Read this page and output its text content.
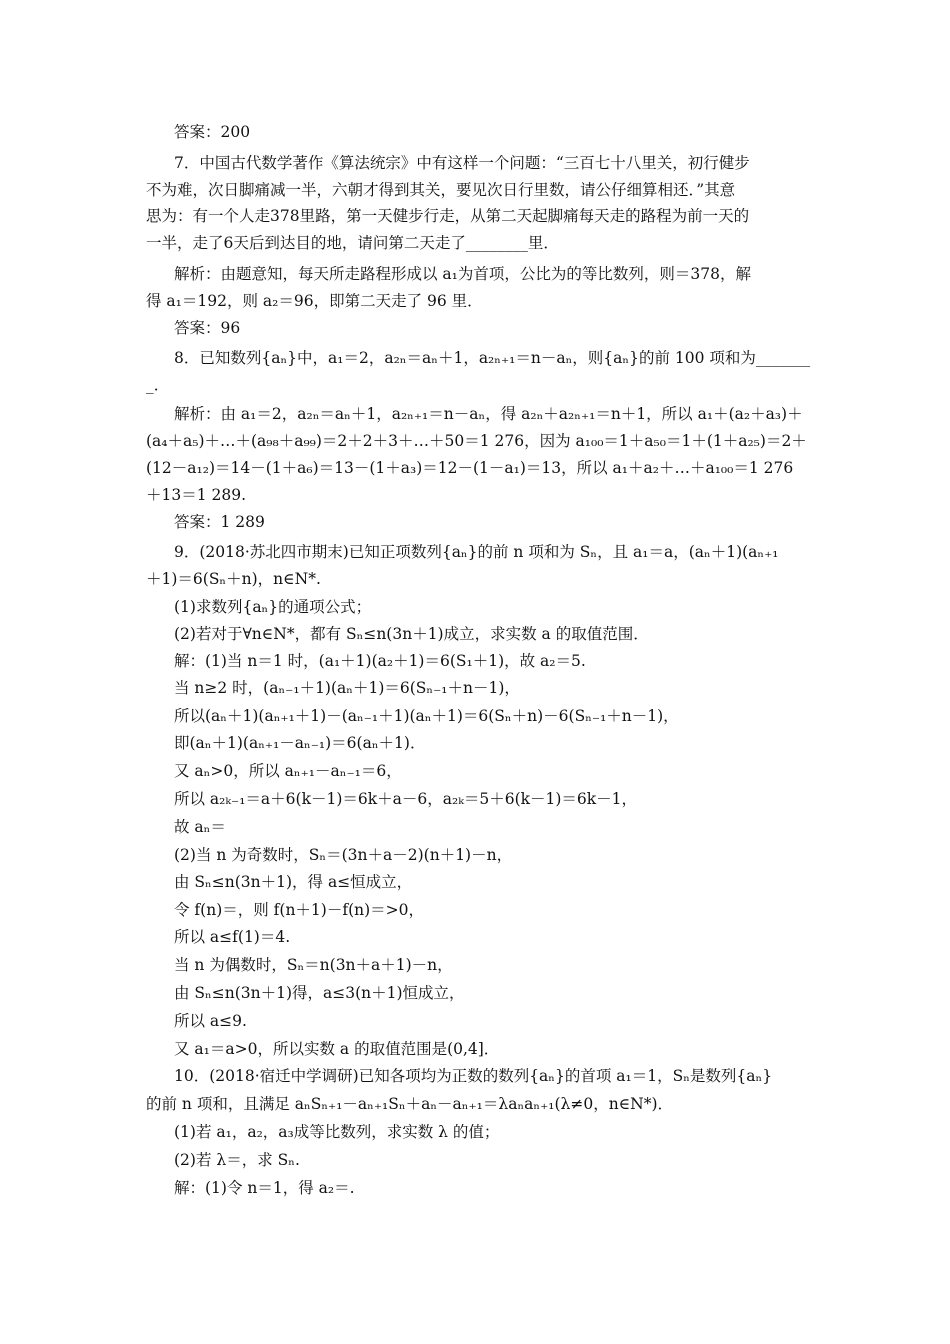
答案：200
7．中国古代数学著作《算法统宗》中有这样一个问题：“三百七十八里关，初行健步
不为难，次日脚痛减一半，六朝才得到其关，要见次日行里数，请公仔细算相还．”其意
思为：有一个人走378里路，第一天健步行走，从第二天起脚痛每天走的路程为前一天的
一半，走了6天后到达目的地，请问第二天走了________里．
解析：由题意知，每天所走路程形成以 a₁为首项，公比为的等比数列，则＝378，解
得 a₁＝192，则 a₂＝96，即第二天走了 96 里．
答案：96
8．已知数列{aₙ}中，a₁＝2，a₂ₙ＝aₙ＋1，a₂ₙ₊₁＝n－aₙ，则{aₙ}的前 100 项和为_______
_．
解析：由 a₁＝2，a₂ₙ＝aₙ＋1，a₂ₙ₊₁＝n－aₙ，得 a₂ₙ＋a₂ₙ₊₁＝n＋1，所以 a₁＋(a₂＋a₃)＋
(a₄＋a₅)＋…＋(a₉₈＋a₉₉)＝2＋2＋3＋…＋50＝1 276，因为 a₁₀₀＝1＋a₅₀＝1＋(1＋a₂₅)＝2＋
(12－a₁₂)＝14－(1＋a₆)＝13－(1＋a₃)＝12－(1－a₁)＝13，所以 a₁＋a₂＋…＋a₁₀₀＝1 276
＋13＝1 289.
答案：1 289
9．(2018·苏北四市期末)已知正项数列{aₙ}的前 n 项和为 Sₙ，且 a₁＝a，(aₙ＋1)(aₙ₊₁
＋1)＝6(Sₙ＋n)，n∈N*.
(1)求数列{aₙ}的通项公式；
(2)若对于∀n∈N*，都有 Sₙ≤n(3n＋1)成立，求实数 a 的取值范围．
解：(1)当 n＝1 时，(a₁＋1)(a₂＋1)＝6(S₁＋1)，故 a₂＝5.
当 n≥2 时，(aₙ₋₁＋1)(aₙ＋1)＝6(Sₙ₋₁＋n－1)，
所以(aₙ＋1)(aₙ₊₁＋1)－(aₙ₋₁＋1)(aₙ＋1)＝6(Sₙ＋n)－6(Sₙ₋₁＋n－1)，
即(aₙ＋1)(aₙ₊₁－aₙ₋₁)＝6(aₙ＋1)．
又 aₙ>0，所以 aₙ₊₁－aₙ₋₁＝6，
所以 a₂ₖ₋₁＝a＋6(k－1)＝6k＋a－6，a₂ₖ＝5＋6(k－1)＝6k－1，
故 aₙ＝
(2)当 n 为奇数时，Sₙ＝(3n＋a－2)(n＋1)－n，
由 Sₙ≤n(3n＋1)，得 a≤恒成立，
令 f(n)＝，则 f(n＋1)－f(n)＝>0，
所以 a≤f(1)＝4.
当 n 为偶数时，Sₙ＝n(3n＋a＋1)－n，
由 Sₙ≤n(3n＋1)得，a≤3(n＋1)恒成立，
所以 a≤9.
又 a₁＝a>0，所以实数 a 的取值范围是(0,4]．
10．(2018·宿迁中学调研)已知各项均为正数的数列{aₙ}的首项 a₁＝1，Sₙ是数列{aₙ}
的前 n 项和，且满足 aₙSₙ₊₁－aₙ₊₁Sₙ＋aₙ－aₙ₊₁＝λaₙaₙ₊₁(λ≠0，n∈N*)．
(1)若 a₁，a₂，a₃成等比数列，求实数 λ 的值；
(2)若 λ＝，求 Sₙ.
解：(1)令 n＝1，得 a₂＝.
